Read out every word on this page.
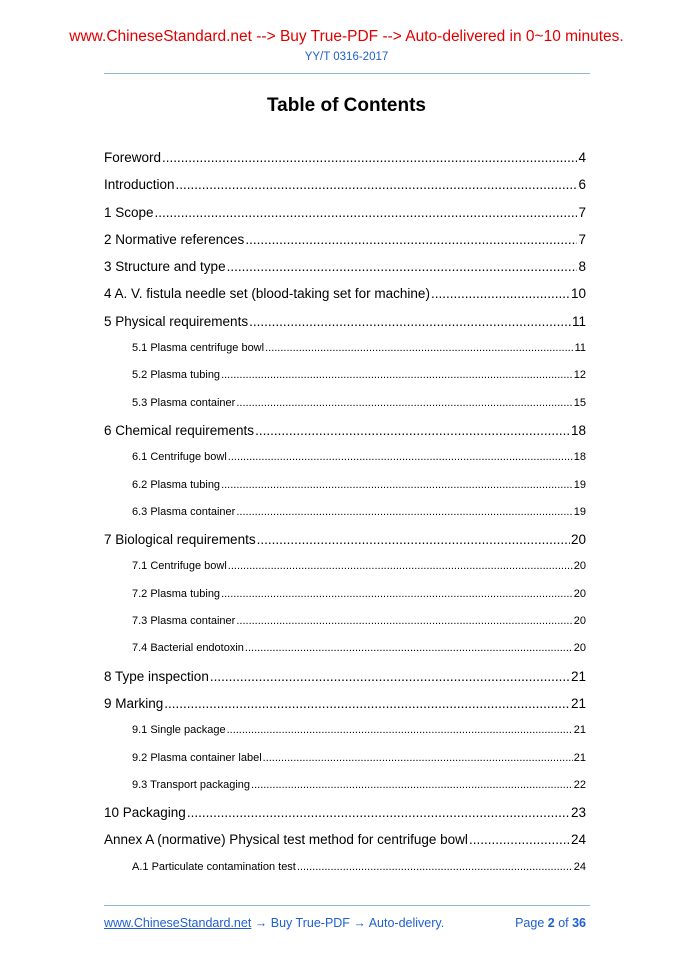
www.ChineseStandard.net --> Buy True-PDF --> Auto-delivered in 0~10 minutes.
YY/T 0316-2017
Table of Contents
Foreword .....	4
Introduction .....	6
1 Scope .....	7
2 Normative references .....	7
3 Structure and type .....	8
4 A. V. fistula needle set (blood-taking set for machine) .....	10
5 Physical requirements .....	11
5.1 Plasma centrifuge bowl .....	11
5.2 Plasma tubing .....	12
5.3 Plasma container .....	15
6 Chemical requirements .....	18
6.1 Centrifuge bowl .....	18
6.2 Plasma tubing .....	19
6.3 Plasma container .....	19
7 Biological requirements .....	20
7.1 Centrifuge bowl .....	20
7.2 Plasma tubing .....	20
7.3 Plasma container .....	20
7.4 Bacterial endotoxin .....	20
8 Type inspection .....	21
9 Marking .....	21
9.1 Single package .....	21
9.2 Plasma container label .....	21
9.3 Transport packaging .....	22
10 Packaging .....	23
Annex A (normative) Physical test method for centrifuge bowl .....	24
A.1 Particulate contamination test .....	24
www.ChineseStandard.net → Buy True-PDF → Auto-delivery.	Page 2 of 36
